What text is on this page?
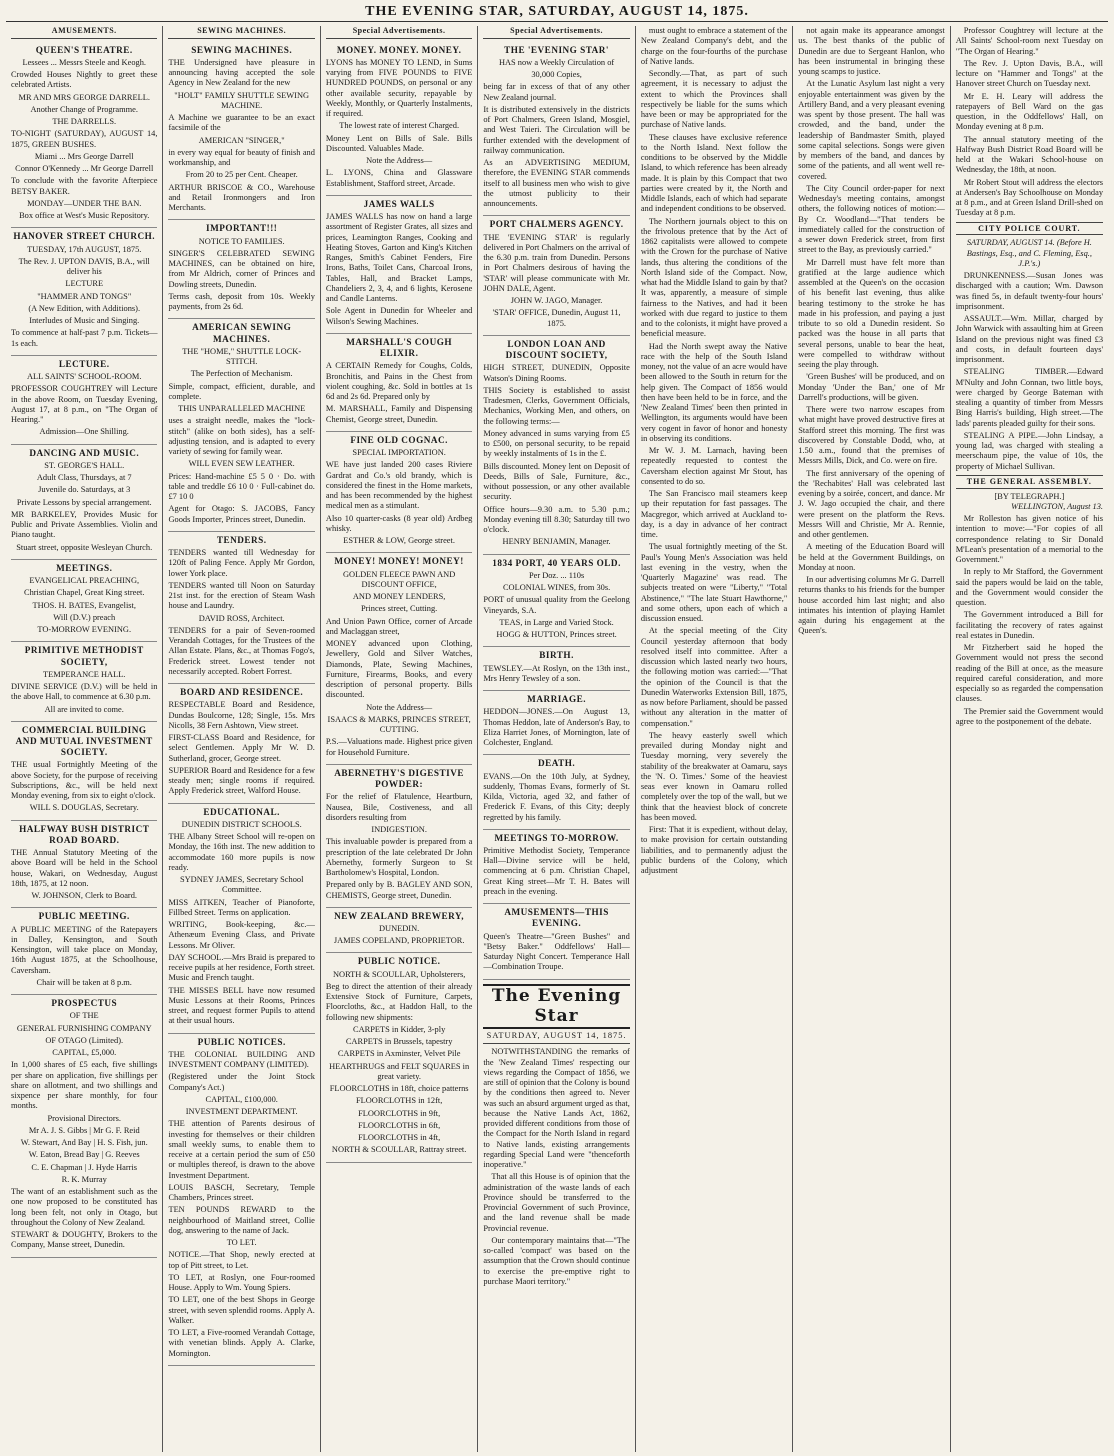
THE EVENING STAR, SATURDAY, AUGUST 14, 1875.
AMUSEMENTS.
QUEEN'S THEATRE.

Lessees ... Messrs Steele and Keogh.

Crowded Houses Nightly to greet these celebrated Artists.

MR AND MRS GEORGE DARRELL.

Another Change of Programme.

THE DARRELLS.

TO-NIGHT (SATURDAY), AUGUST 14, 1875, GREEN BUSHES.

Miami ... Mrs George Darrell

Connor O'Kennedy ... Mr George Darrell

To conclude with the favorite Afterpiece BETSY BAKER.

MONDAY—UNDER THE BAN.

Box office at West's Music Repository.

HANOVER STREET CHURCH.

TUESDAY, 17th AUGUST, 1875.

The Rev. J. UPTON DAVIS, B.A., will deliver his

LECTURE

"HAMMER AND TONGS"

(A New Edition, with Additions).

Interludes of Music and Singing.

To commence at half-past 7 p.m. Tickets—1s each.

LECTURE.

ALL SAINTS' SCHOOL-ROOM.

PROFESSOR COUGHTREY will Lecture in the above Room, on Tuesday Evening, August 17, at 8 p.m., on "The Organ of Hearing."

Admission—One Shilling.

DANCING AND MUSIC.

ST. GEORGE'S HALL.

Adult Class, Thursdays, at 7

Juvenile do. Saturdays, at 3

Private Lessons by special arrangement.

MR BARKELEY, Provides Music for Public and Private Assemblies. Violin and Piano taught.

Stuart street, opposite Wesleyan Church.

MEETINGS.

EVANGELICAL PREACHING,

Christian Chapel, Great King street.

THOS. H. BATES, Evangelist,

Will (D.V.) preach

TO-MORROW EVENING.

PRIMITIVE METHODIST SOCIETY,

TEMPERANCE HALL.

DIVINE SERVICE (D.V.) will be held in the above Hall, to commence at 6.30 p.m.

All are invited to come.

COMMERCIAL BUILDING AND MUTUAL INVESTMENT SOCIETY.

THE usual Fortnightly Meeting of the above Society, for the purpose of receiving Subscriptions, &c., will be held next Monday evening, from six to eight o'clock.

WILL S. DOUGLAS, Secretary.

HALFWAY BUSH DISTRICT ROAD BOARD.

THE Annual Statutory Meeting of the above Board will be held in the School house, Wakari, on Wednesday, August 18th, 1875, at 12 noon.

W. JOHNSON, Clerk to Board.

PUBLIC MEETING.

A PUBLIC MEETING of the Ratepayers in Dalley, Kensington, and South Kensington, will take place on Monday, 16th August 1875, at the Schoolhouse, Caversham.

Chair will be taken at 8 p.m.

PROSPECTUS

OF THE

GENERAL FURNISHING COMPANY

OF OTAGO (Limited).

CAPITAL, £5,000.

In 1,000 shares of £5 each, five shillings per share on application, five shillings per share on allotment, and two shillings and sixpence per share monthly, for four months.

Provisional Directors.

Mr A. J. S. Gibbs | Mr G. F. Reid

W. Stewart, And Bay | H. S. Fish, jun.

W. Eaton, Bread Bay | G. Reeves

C. E. Chapman | J. Hyde Harris

R. K. Murray

The want of an establishment such as the one now proposed to be constituted has long been felt, not only in Otago, but throughout the Colony of New Zealand.

STEWART & DOUGHTY, Brokers to the Company, Manse street, Dunedin.

SEWING MACHINES.
SEWING MACHINES.

THE Undersigned have pleasure in announcing having accepted the sole Agency in New Zealand for the new

"HOLT" FAMILY SHUTTLE SEWING MACHINE.

A Machine we guarantee to be an exact facsimile of the

AMERICAN "SINGER,"

in every way equal for beauty of finish and workmanship, and

From 20 to 25 per Cent. Cheaper.

ARTHUR BRISCOE & CO., Warehouse and Retail Ironmongers and Iron Merchants.

IMPORTANT!!!

NOTICE TO FAMILIES.

SINGER'S CELEBRATED SEWING MACHINES, can be obtained on hire, from Mr Aldrich, corner of Princes and Dowling streets, Dunedin.

Terms cash, deposit from 10s. Weekly payments, from 2s 6d.

AMERICAN SEWING MACHINES.

THE "HOME," SHUTTLE LOCK-STITCH.

The Perfection of Mechanism.

Simple, compact, efficient, durable, and complete.

THIS UNPARALLELED MACHINE

uses a straight needle, makes the "lock-stitch" (alike on both sides), has a self-adjusting tension, and is adapted to every variety of sewing for family wear.

WILL EVEN SEW LEATHER.

Prices: Hand-machine £5 5 0 · Do. with table and treddle £6 10 0 · Full-cabinet do. £7 10 0

Agent for Otago: S. JACOBS, Fancy Goods Importer, Princes street, Dunedin.

TENDERS.

TENDERS wanted till Wednesday for 120ft of Paling Fence. Apply Mr Gordon, lower York place.

TENDERS wanted till Noon on Saturday 21st inst. for the erection of Steam Wash house and Laundry.

DAVID ROSS, Architect.

TENDERS for a pair of Seven-roomed Verandah Cottages, for the Trustees of the Allan Estate. Plans, &c., at Thomas Fogo's, Frederick street. Lowest tender not necessarily accepted. Robert Forrest.

BOARD AND RESIDENCE.

RESPECTABLE Board and Residence, Dundas Boulcorne, 128; Single, 15s. Mrs Nicolls, 38 Fern Ashtown, View street.

FIRST-CLASS Board and Residence, for select Gentlemen. Apply Mr W. D. Sutherland, grocer, George street.

SUPERIOR Board and Residence for a few steady men; single rooms if required. Apply Frederick street, Walford House.

EDUCATIONAL.

DUNEDIN DISTRICT SCHOOLS.

THE Albany Street School will re-open on Monday, the 16th inst. The new addition to accommodate 160 more pupils is now ready.

SYDNEY JAMES, Secretary School Committee.

MISS AITKEN, Teacher of Pianoforte, Fillbed Street. Terms on application.

WRITING, Book-keeping, &c.—Athenæum Evening Class, and Private Lessons. Mr Oliver.

DAY SCHOOL.—Mrs Braid is prepared to receive pupils at her residence, Forth street. Music and French taught.

THE MISSES BELL have now resumed Music Lessons at their Rooms, Princes street, and request former Pupils to attend at their usual hours.

PUBLIC NOTICES.

THE COLONIAL BUILDING AND INVESTMENT COMPANY (LIMITED).

(Registered under the Joint Stock Company's Act.)

CAPITAL, £100,000.

INVESTMENT DEPARTMENT.

THE attention of Parents desirous of investing for themselves or their children small weekly sums, to enable them to receive at a certain period the sum of £50 or multiples thereof, is drawn to the above Investment Department.

LOUIS BASCH, Secretary, Temple Chambers, Princes street.

TEN POUNDS REWARD to the neighbourhood of Maitland street, Collie dog, answering to the name of Jack.

TO LET.

NOTICE.—That Shop, newly erected at top of Pitt street, to Let.

TO LET, at Roslyn, one Four-roomed House. Apply to Wm. Young Spiers.

TO LET, one of the best Shops in George street, with seven splendid rooms. Apply A. Walker.

TO LET, a Five-roomed Verandah Cottage, with venetian blinds. Apply A. Clarke, Mornington.

Special Advertisements.
MONEY. MONEY. MONEY.

LYONS has MONEY TO LEND, in Sums varying from FIVE POUNDS to FIVE HUNDRED POUNDS, on personal or any other available security, repayable by Weekly, Monthly, or Quarterly Instalments, if required.

The lowest rate of interest Charged.

Money Lent on Bills of Sale. Bills Discounted. Valuables Made.

Note the Address—

L. LYONS, China and Glassware Establishment, Stafford street, Arcade.

JAMES WALLS

JAMES WALLS has now on hand a large assortment of Register Grates, all sizes and prices, Leamington Ranges, Cooking and Heating Stoves, Garton and King's Kitchen Ranges, Smith's Cabinet Fenders, Fire Irons, Baths, Toilet Cans, Charcoal Irons, Tables, Hall, and Bracket Lamps, Chandeliers 2, 3, 4, and 6 lights, Kerosene and Candle Lanterns.

Sole Agent in Dunedin for Wheeler and Wilson's Sewing Machines.

MARSHALL'S COUGH ELIXIR.

A CERTAIN Remedy for Coughs, Colds, Bronchitis, and Pains in the Chest from violent coughing, &c. Sold in bottles at 1s 6d and 2s 6d. Prepared only by

M. MARSHALL, Family and Dispensing Chemist, George street, Dunedin.

FINE OLD COGNAC.

SPECIAL IMPORTATION.

WE have just landed 200 cases Riviere Gardrat and Co.'s old brandy, which is considered the finest in the Home markets, and has been recommended by the highest medical men as a stimulant.

Also 10 quarter-casks (8 year old) Ardbeg whisky.

ESTHER & LOW, George street.

MONEY! MONEY! MONEY!

GOLDEN FLEECE PAWN AND DISCOUNT OFFICE,

AND MONEY LENDERS,

Princes street, Cutting.

And Union Pawn Office, corner of Arcade and Maclaggan street,

MONEY advanced upon Clothing, Jewellery, Gold and Silver Watches, Diamonds, Plate, Sewing Machines, Furniture, Firearms, Books, and every description of personal property. Bills discounted.

Note the Address—

ISAACS & MARKS, PRINCES STREET, CUTTING.

P.S.—Valuations made. Highest price given for Household Furniture.

ABERNETHY'S DIGESTIVE POWDER:

For the relief of Flatulence, Heartburn, Nausea, Bile, Costiveness, and all disorders resulting from

INDIGESTION.

This invaluable powder is prepared from a prescription of the late celebrated Dr John Abernethy, formerly Surgeon to St Bartholomew's Hospital, London.

Prepared only by B. BAGLEY AND SON, CHEMISTS, George street, Dunedin.

NEW ZEALAND BREWERY,

DUNEDIN.

JAMES COPELAND, PROPRIETOR.

PUBLIC NOTICE.

NORTH & SCOULLAR, Upholsterers,

Beg to direct the attention of their already Extensive Stock of Furniture, Carpets, Floorcloths, &c., at Haddon Hall, to the following new shipments:

CARPETS in Kidder, 3-ply

CARPETS in Brussels, tapestry

CARPETS in Axminster, Velvet Pile

HEARTHRUGS and FELT SQUARES in great variety.

FLOORCLOTHS in 18ft, choice patterns

FLOORCLOTHS in 12ft,

FLOORCLOTHS in 9ft,

FLOORCLOTHS in 6ft,

FLOORCLOTHS in 4ft,

NORTH & SCOULLAR, Rattray street.

Special Advertisements.
THE 'EVENING STAR'

HAS now a Weekly Circulation of

30,000 Copies,

being far in excess of that of any other New Zealand journal.

It is distributed extensively in the districts of Port Chalmers, Green Island, Mosgiel, and West Taieri. The Circulation will be further extended with the development of railway communication.

As an ADVERTISING MEDIUM, therefore, the EVENING STAR commends itself to all business men who wish to give the utmost publicity to their announcements.

PORT CHALMERS AGENCY.

THE 'EVENING STAR' is regularly delivered in Port Chalmers on the arrival of the 6.30 p.m. train from Dunedin. Persons in Port Chalmers desirous of having the 'STAR' will please communicate with Mr. JOHN DALE, Agent.

JOHN W. JAGO, Manager.

'STAR' OFFICE, Dunedin, August 11, 1875.

LONDON LOAN AND DISCOUNT SOCIETY,

HIGH STREET, DUNEDIN, Opposite Watson's Dining Rooms.

THIS Society is established to assist Tradesmen, Clerks, Government Officials, Mechanics, Working Men, and others, on the following terms:—

Money advanced in sums varying from £5 to £500, on personal security, to be repaid by weekly instalments of 1s in the £.

Bills discounted. Money lent on Deposit of Deeds, Bills of Sale, Furniture, &c., without possession, or any other available security.

Office hours—9.30 a.m. to 5.30 p.m.; Monday evening till 8.30; Saturday till two o'clock.

HENRY BENJAMIN, Manager.

1834 PORT, 40 YEARS OLD.

Per Doz. ... 110s

COLONIAL WINES, from 30s.

PORT of unusual quality from the Geelong Vineyards, S.A.

TEAS, in Large and Varied Stock.

HOGG & HUTTON, Princes street.

BIRTH.

TEWSLEY.—At Roslyn, on the 13th inst., Mrs Henry Tewsley of a son.

MARRIAGE.

HEDDON—JONES.—On August 13, Thomas Heddon, late of Anderson's Bay, to Eliza Harriet Jones, of Mornington, late of Colchester, England.

DEATH.

EVANS.—On the 10th July, at Sydney, suddenly, Thomas Evans, formerly of St. Kilda, Victoria, aged 32, and father of Frederick F. Evans, of this City; deeply regretted by his family.

MEETINGS TO-MORROW.

Primitive Methodist Society, Temperance Hall—Divine service will be held, commencing at 6 p.m. Christian Chapel, Great King street—Mr T. H. Bates will preach in the evening.

AMUSEMENTS—THIS EVENING.

Queen's Theatre—"Green Bushes" and "Betsy Baker." Oddfellows' Hall—Saturday Night Concert. Temperance Hall—Combination Troupe.

The Evening Star
SATURDAY, AUGUST 14, 1875.

NOTWITHSTANDING the remarks of the 'New Zealand Times' respecting our views regarding the Compact of 1856, we are still of opinion that the Colony is bound by the conditions then agreed to. Never was such an absurd argument urged as that, because the Native Lands Act, 1862, provided different conditions from those of the Compact for the North Island in regard to Native lands, existing arrangements regarding Special Land were "thenceforth inoperative."

That all this House is of opinion that the administration of the waste lands of each Province should be transferred to the Provincial Government of such Province, and the land revenue shall be made Provincial revenue.

Our contemporary maintains that—"The so-called 'compact' was based on the assumption that the Crown should continue to exercise the pre-emptive right to purchase Maori territory."

must ought to embrace a statement of the New Zealand Company's debt, and the charge on the four-fourths of the purchase of Native lands.

Secondly.—That, as part of such agreement, it is necessary to adjust the extent to which the Provinces shall respectively be liable for the sums which have been or may be appropriated for the purchase of Native lands.

These clauses have exclusive reference to the North Island. Next follow the conditions to be observed by the Middle Island, to which reference has been already made. It is plain by this Compact that two parties were created by it, the North and Middle Islands, each of which had separate and independent conditions to be observed.

The Northern journals object to this on the frivolous pretence that by the Act of 1862 capitalists were allowed to compete with the Crown for the purchase of Native lands, thus altering the conditions of the North Island side of the Compact. Now, what had the Middle Island to gain by that? It was, apparently, a measure of simple fairness to the Natives, and had it been worked with due regard to justice to them and to the colonists, it might have proved a beneficial measure.

Had the North swept away the Native race with the help of the South Island money, not the value of an acre would have been allowed to the South in return for the help given. The Compact of 1856 would then have been held to be in force, and the 'New Zealand Times' been then printed in Wellington, its arguments would have been very cogent in favor of honor and honesty in observing its conditions.

Mr W. J. M. Larnach, having been repeatedly requested to contest the Caversham election against Mr Stout, has consented to do so.

The San Francisco mail steamers keep up their reputation for fast passages. The Macgregor, which arrived at Auckland to-day, is a day in advance of her contract time.

The usual fortnightly meeting of the St. Paul's Young Men's Association was held last evening in the vestry, when the 'Quarterly Magazine' was read. The subjects treated on were "Liberty," "Total Abstinence," "The late Stuart Hawthorne," and some others, upon each of which a discussion ensued.

At the special meeting of the City Council yesterday afternoon that body resolved itself into committee. After a discussion which lasted nearly two hours, the following motion was carried:—"That the opinion of the Council is that the Dunedin Waterworks Extension Bill, 1875, as now before Parliament, should be passed without any alteration in the matter of compensation."

The heavy easterly swell which prevailed during Monday night and Tuesday morning, very severely the stability of the breakwater at Oamaru, says the 'N. O. Times.' Some of the heaviest seas ever known in Oamaru rolled completely over the top of the wall, but we think that the heaviest block of concrete has been moved.

First: That it is expedient, without delay, to make provision for certain outstanding liabilities, and to permanently adjust the public burdens of the Colony, which adjustment

not again make its appearance amongst us. The best thanks of the public of Dunedin are due to Sergeant Hanlon, who has been instrumental in bringing these young scamps to justice.

At the Lunatic Asylum last night a very enjoyable entertainment was given by the Artillery Band, and a very pleasant evening was spent by those present. The hall was crowded, and the band, under the leadership of Bandmaster Smith, played some capital selections. Songs were given by members of the band, and dances by some of the patients, and all went well re-covered.

The City Council order-paper for next Wednesday's meeting contains, amongst others, the following notices of motion:—By Cr. Woodland—"That tenders be immediately called for the construction of a sewer down Frederick street, from first street to the Bay, as previously carried."

Mr Darrell must have felt more than gratified at the large audience which assembled at the Queen's on the occasion of his benefit last evening, thus alike bearing testimony to the stroke he has made in his profession, and paying a just tribute to so old a Dunedin resident. So packed was the house in all parts that several persons, unable to bear the heat, were compelled to withdraw without seeing the play through.

'Green Bushes' will be produced, and on Monday 'Under the Ban,' one of Mr Darrell's productions, will be given.

There were two narrow escapes from what might have proved destructive fires at Stafford street this morning. The first was discovered by Constable Dodd, who, at 1.50 a.m., found that the premises of Messrs Mills, Dick, and Co. were on fire.

The first anniversary of the opening of the 'Rechabites' Hall was celebrated last evening by a soirée, concert, and dance. Mr J. W. Jago occupied the chair, and there were present on the platform the Revs. Messrs Will and Christie, Mr A. Rennie, and other gentlemen.

A meeting of the Education Board will be held at the Government Buildings, on Monday at noon.

In our advertising columns Mr G. Darrell returns thanks to his friends for the bumper house accorded him last night; and also intimates his intention of playing Hamlet again during his engagement at the Queen's.

Professor Coughtrey will lecture at the All Saints' School-room next Tuesday on "The Organ of Hearing."

The Rev. J. Upton Davis, B.A., will lecture on "Hammer and Tongs" at the Hanover street Church on Tuesday next.

Mr E. H. Leary will address the ratepayers of Bell Ward on the gas question, in the Oddfellows' Hall, on Monday evening at 8 p.m.

The annual statutory meeting of the Halfway Bush District Road Board will be held at the Wakari School-house on Wednesday, the 18th, at noon.

Mr Robert Stout will address the electors at Andersen's Bay Schoolhouse on Monday at 8 p.m., and at Green Island Drill-shed on Tuesday at 8 p.m.

CITY POLICE COURT.

SATURDAY, AUGUST 14. (Before H. Bastings, Esq., and C. Fleming, Esq., J.P.'s.)

DRUNKENNESS.—Susan Jones was discharged with a caution; Wm. Dawson was fined 5s, in default twenty-four hours' imprisonment.

ASSAULT.—Wm. Millar, charged by John Warwick with assaulting him at Green Island on the previous night was fined £3 and costs, in default fourteen days' imprisonment.

STEALING TIMBER.—Edward M'Nulty and John Connan, two little boys, were charged by George Bateman with stealing a quantity of timber from Messrs Bing Harris's building, High street.—The lads' parents pleaded guilty for their sons.

STEALING A PIPE.—John Lindsay, a young lad, was charged with stealing a meerschaum pipe, the value of 10s, the property of Michael Sullivan.

THE GENERAL ASSEMBLY.

[BY TELEGRAPH.]

WELLINGTON, August 13.

Mr Rolleston has given notice of his intention to move:—"For copies of all correspondence relating to Sir Donald M'Lean's presentation of a memorial to the Government."

In reply to Mr Stafford, the Government said the papers would be laid on the table, and the Government would consider the question.

The Government introduced a Bill for facilitating the recovery of rates against real estates in Dunedin.

Mr Fitzherbert said he hoped the Government would not press the second reading of the Bill at once, as the measure required careful consideration, and more especially so as regarded the compensation clauses.

The Premier said the Government would agree to the postponement of the debate.
